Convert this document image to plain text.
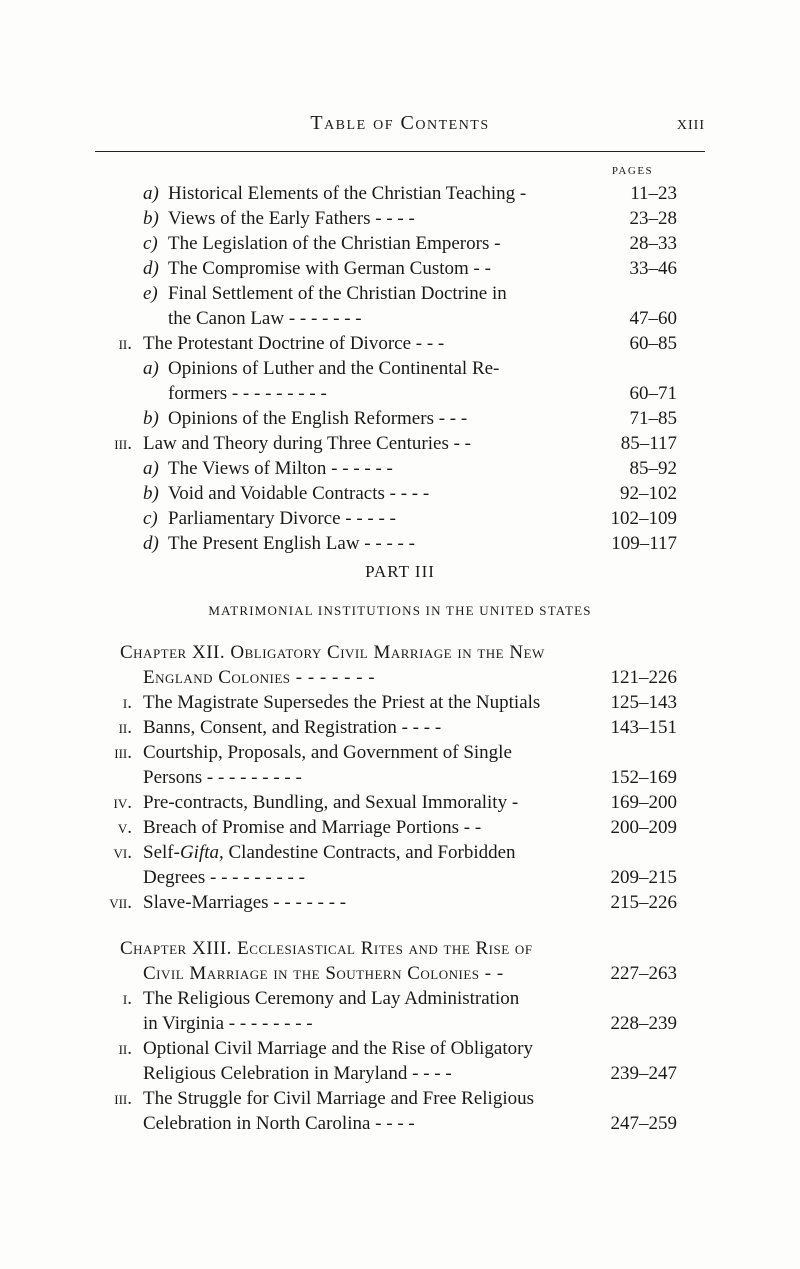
Table of Contents	xiii
PAGES
a) Historical Elements of the Christian Teaching -	11–23
b) Views of the Early Fathers - - - -	23–28
c) The Legislation of the Christian Emperors -	28–33
d) The Compromise with German Custom - -	33–46
e) Final Settlement of the Christian Doctrine in
the Canon Law - - - - - - -	47–60
ii. The Protestant Doctrine of Divorce - - -	60–85
a) Opinions of Luther and the Continental Re-
formers - - - - - - - - -	60–71
b) Opinions of the English Reformers - - -	71–85
iii. Law and Theory during Three Centuries - -	85–117
a) The Views of Milton - - - - - -	85–92
b) Void and Voidable Contracts - - - -	92–102
c) Parliamentary Divorce - - - - -	102–109
d) The Present English Law - - - - -	109–117
PART III
MATRIMONIAL INSTITUTIONS IN THE UNITED STATES
Chapter XII. Obligatory Civil Marriage in the New
England Colonies - - - - - - -	121–226
i. The Magistrate Supersedes the Priest at the Nuptials	125–143
ii. Banns, Consent, and Registration - - - -	143–151
iii. Courtship, Proposals, and Government of Single
Persons - - - - - - - - -	152–169
iv. Pre-contracts, Bundling, and Sexual Immorality -	169–200
v. Breach of Promise and Marriage Portions - -	200–209
vi. Self-Gifta, Clandestine Contracts, and Forbidden
Degrees - - - - - - - - -	209–215
vii. Slave-Marriages - - - - - - -	215–226
Chapter XIII. Ecclesiastical Rites and the Rise of
Civil Marriage in the Southern Colonies - -	227–263
i. The Religious Ceremony and Lay Administration
in Virginia - - - - - - - -	228–239
ii. Optional Civil Marriage and the Rise of Obligatory
Religious Celebration in Maryland - - - -	239–247
iii. The Struggle for Civil Marriage and Free Religious
Celebration in North Carolina - - - -	247–259
